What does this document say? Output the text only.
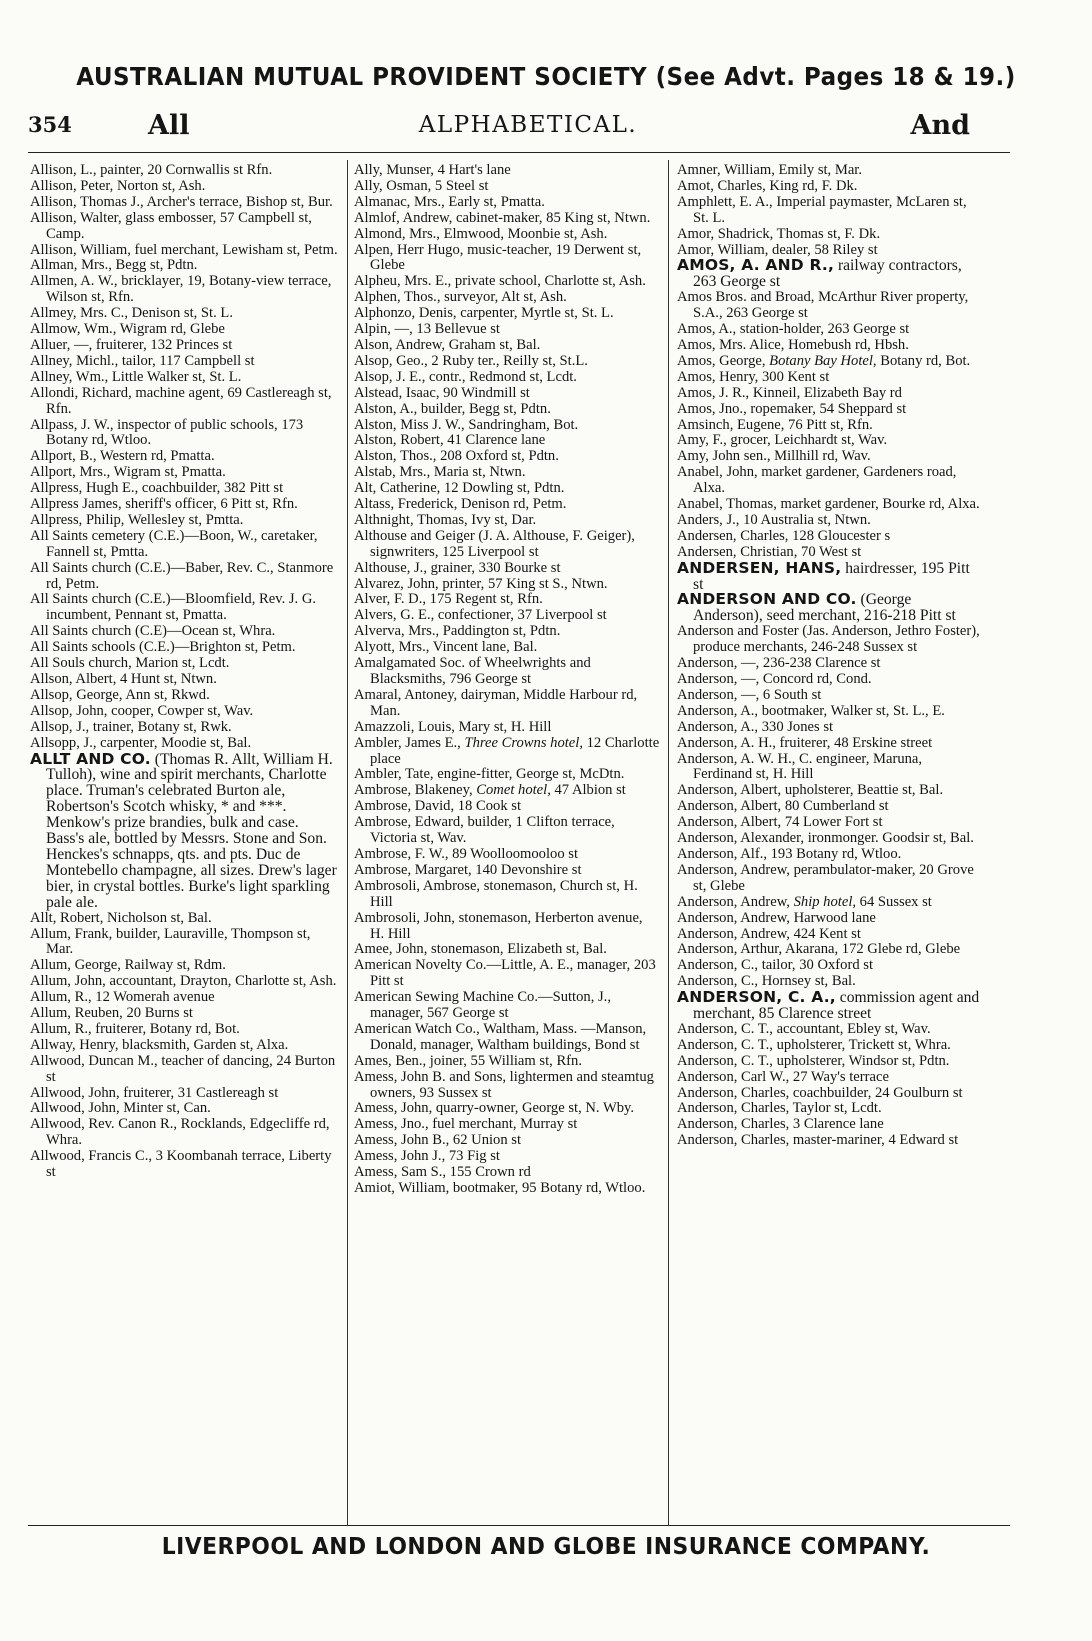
AUSTRALIAN MUTUAL PROVIDENT SOCIETY (See Advt. Pages 18 & 19.)
354	All	ALPHABETICAL.	And

Allison, L., painter, 20 Cornwallis st Rfn.

Allison, Peter, Norton st, Ash.

Allison, Thomas J., Archer's terrace, Bishop st, Bur.

Allison, Walter, glass embosser, 57 Campbell st, Camp.

Allison, William, fuel merchant, Lewisham st, Petm.

Allman, Mrs., Begg st, Pdtn.

Allmen, A. W., bricklayer, 19, Botany-view terrace, Wilson st, Rfn.

Allmey, Mrs. C., Denison st, St. L.

Allmow, Wm., Wigram rd, Glebe

Alluer, —, fruiterer, 132 Princes st

Allney, Michl., tailor, 117 Campbell st

Allney, Wm., Little Walker st, St. L.

Allondi, Richard, machine agent, 69 Castlereagh st, Rfn.

Allpass, J. W., inspector of public schools, 173 Botany rd, Wtloo.

Allport, B., Western rd, Pmatta.

Allport, Mrs., Wigram st, Pmatta.

Allpress, Hugh E., coachbuilder, 382 Pitt st

Allpress James, sheriff's officer, 6 Pitt st, Rfn.

Allpress, Philip, Wellesley st, Pmtta.

All Saints cemetery (C.E.)—Boon, W., caretaker, Fannell st, Pmtta.

All Saints church (C.E.)—Baber, Rev. C., Stanmore rd, Petm.

All Saints church (C.E.)—Bloomfield, Rev. J. G. incumbent, Pennant st, Pmatta.

All Saints church (C.E)—Ocean st, Whra.

All Saints schools (C.E.)—Brighton st, Petm.

All Souls church, Marion st, Lcdt.

Allson, Albert, 4 Hunt st, Ntwn.

Allsop, George, Ann st, Rkwd.

Allsop, John, cooper, Cowper st, Wav.

Allsop, J., trainer, Botany st, Rwk.

Allsopp, J., carpenter, Moodie st, Bal.

ALLT AND CO. (Thomas R. Allt, William H. Tulloh), wine and spirit merchants, Charlotte place. Truman's celebrated Burton ale, Robertson's Scotch whisky, * and ***. Menkow's prize brandies, bulk and case. Bass's ale, bottled by Messrs. Stone and Son. Henckes's schnapps, qts. and pts. Duc de Montebello champagne, all sizes. Drew's lager bier, in crystal bottles. Burke's light sparkling pale ale.

Allt, Robert, Nicholson st, Bal.

Allum, Frank, builder, Lauraville, Thompson st, Mar.

Allum, George, Railway st, Rdm.

Allum, John, accountant, Drayton, Charlotte st, Ash.

Allum, R., 12 Womerah avenue

Allum, Reuben, 20 Burns st

Allum, R., fruiterer, Botany rd, Bot.

Allway, Henry, blacksmith, Garden st, Alxa.

Allwood, Duncan M., teacher of dancing, 24 Burton st

Allwood, John, fruiterer, 31 Castlereagh st

Allwood, John, Minter st, Can.

Allwood, Rev. Canon R., Rocklands, Edgecliffe rd, Whra.

Allwood, Francis C., 3 Koombanah terrace, Liberty st

Ally, Munser, 4 Hart's lane

Ally, Osman, 5 Steel st

Almanac, Mrs., Early st, Pmatta.

Almlof, Andrew, cabinet-maker, 85 King st, Ntwn.

Almond, Mrs., Elmwood, Moonbie st, Ash.

Alpen, Herr Hugo, music-teacher, 19 Derwent st, Glebe

Alpheu, Mrs. E., private school, Charlotte st, Ash.

Alphen, Thos., surveyor, Alt st, Ash.

Alphonzo, Denis, carpenter, Myrtle st, St. L.

Alpin, —, 13 Bellevue st

Alson, Andrew, Graham st, Bal.

Alsop, Geo., 2 Ruby ter., Reilly st, St.L.

Alsop, J. E., contr., Redmond st, Lcdt.

Alstead, Isaac, 90 Windmill st

Alston, A., builder, Begg st, Pdtn.

Alston, Miss J. W., Sandringham, Bot.

Alston, Robert, 41 Clarence lane

Alston, Thos., 208 Oxford st, Pdtn.

Alstab, Mrs., Maria st, Ntwn.

Alt, Catherine, 12 Dowling st, Pdtn.

Altass, Frederick, Denison rd, Petm.

Althnight, Thomas, Ivy st, Dar.

Althouse and Geiger (J. A. Althouse, F. Geiger), signwriters, 125 Liverpool st

Althouse, J., grainer, 330 Bourke st

Alvarez, John, printer, 57 King st S., Ntwn.

Alver, F. D., 175 Regent st, Rfn.

Alvers, G. E., confectioner, 37 Liverpool st

Alverva, Mrs., Paddington st, Pdtn.

Alyott, Mrs., Vincent lane, Bal.

Amalgamated Soc. of Wheelwrights and Blacksmiths, 796 George st

Amaral, Antoney, dairyman, Middle Harbour rd, Man.

Amazzoli, Louis, Mary st, H. Hill

Ambler, James E., Three Crowns hotel, 12 Charlotte place

Ambler, Tate, engine-fitter, George st, McDtn.

Ambrose, Blakeney, Comet hotel, 47 Albion st

Ambrose, David, 18 Cook st

Ambrose, Edward, builder, 1 Clifton terrace, Victoria st, Wav.

Ambrose, F. W., 89 Woolloomooloo st

Ambrose, Margaret, 140 Devonshire st

Ambrosoli, Ambrose, stonemason, Church st, H. Hill

Ambrosoli, John, stonemason, Herberton avenue, H. Hill

Amee, John, stonemason, Elizabeth st, Bal.

American Novelty Co.—Little, A. E., manager, 203 Pitt st

American Sewing Machine Co.—Sutton, J., manager, 567 George st

American Watch Co., Waltham, Mass. —Manson, Donald, manager, Waltham buildings, Bond st

Ames, Ben., joiner, 55 William st, Rfn.

Amess, John B. and Sons, lightermen and steamtug owners, 93 Sussex st

Amess, John, quarry-owner, George st, N. Wby.

Amess, Jno., fuel merchant, Murray st

Amess, John B., 62 Union st

Amess, John J., 73 Fig st

Amess, Sam S., 155 Crown rd

Amiot, William, bootmaker, 95 Botany rd, Wtloo.

Amner, William, Emily st, Mar.

Amot, Charles, King rd, F. Dk.

Amphlett, E. A., Imperial paymaster, McLaren st, St. L.

Amor, Shadrick, Thomas st, F. Dk.

Amor, William, dealer, 58 Riley st

AMOS, A. AND R., railway contractors, 263 George st

Amos Bros. and Broad, McArthur River property, S.A., 263 George st

Amos, A., station-holder, 263 George st

Amos, Mrs. Alice, Homebush rd, Hbsh.

Amos, George, Botany Bay Hotel, Botany rd, Bot.

Amos, Henry, 300 Kent st

Amos, J. R., Kinneil, Elizabeth Bay rd

Amos, Jno., ropemaker, 54 Sheppard st

Amsinch, Eugene, 76 Pitt st, Rfn.

Amy, F., grocer, Leichhardt st, Wav.

Amy, John sen., Millhill rd, Wav.

Anabel, John, market gardener, Gardeners road, Alxa.

Anabel, Thomas, market gardener, Bourke rd, Alxa.

Anders, J., 10 Australia st, Ntwn.

Andersen, Charles, 128 Gloucester s

Andersen, Christian, 70 West st

ANDERSEN, HANS, hairdresser, 195 Pitt st

ANDERSON AND CO. (George Anderson), seed merchant, 216-218 Pitt st

Anderson and Foster (Jas. Anderson, Jethro Foster), produce merchants, 246-248 Sussex st

Anderson, —, 236-238 Clarence st

Anderson, —, Concord rd, Cond.

Anderson, —, 6 South st

Anderson, A., bootmaker, Walker st, St. L., E.

Anderson, A., 330 Jones st

Anderson, A. H., fruiterer, 48 Erskine street

Anderson, A. W. H., C. engineer, Maruna, Ferdinand st, H. Hill

Anderson, Albert, upholsterer, Beattie st, Bal.

Anderson, Albert, 80 Cumberland st

Anderson, Albert, 74 Lower Fort st

Anderson, Alexander, ironmonger. Goodsir st, Bal.

Anderson, Alf., 193 Botany rd, Wtloo.

Anderson, Andrew, perambulator-maker, 20 Grove st, Glebe

Anderson, Andrew, Ship hotel, 64 Sussex st

Anderson, Andrew, Harwood lane

Anderson, Andrew, 424 Kent st

Anderson, Arthur, Akarana, 172 Glebe rd, Glebe

Anderson, C., tailor, 30 Oxford st

Anderson, C., Hornsey st, Bal.

ANDERSON, C. A., commission agent and merchant, 85 Clarence street

Anderson, C. T., accountant, Ebley st, Wav.

Anderson, C. T., upholsterer, Trickett st, Whra.

Anderson, C. T., upholsterer, Windsor st, Pdtn.

Anderson, Carl W., 27 Way's terrace

Anderson, Charles, coachbuilder, 24 Goulburn st

Anderson, Charles, Taylor st, Lcdt.

Anderson, Charles, 3 Clarence lane

Anderson, Charles, master-mariner, 4 Edward st

LIVERPOOL AND LONDON AND GLOBE INSURANCE COMPANY.
